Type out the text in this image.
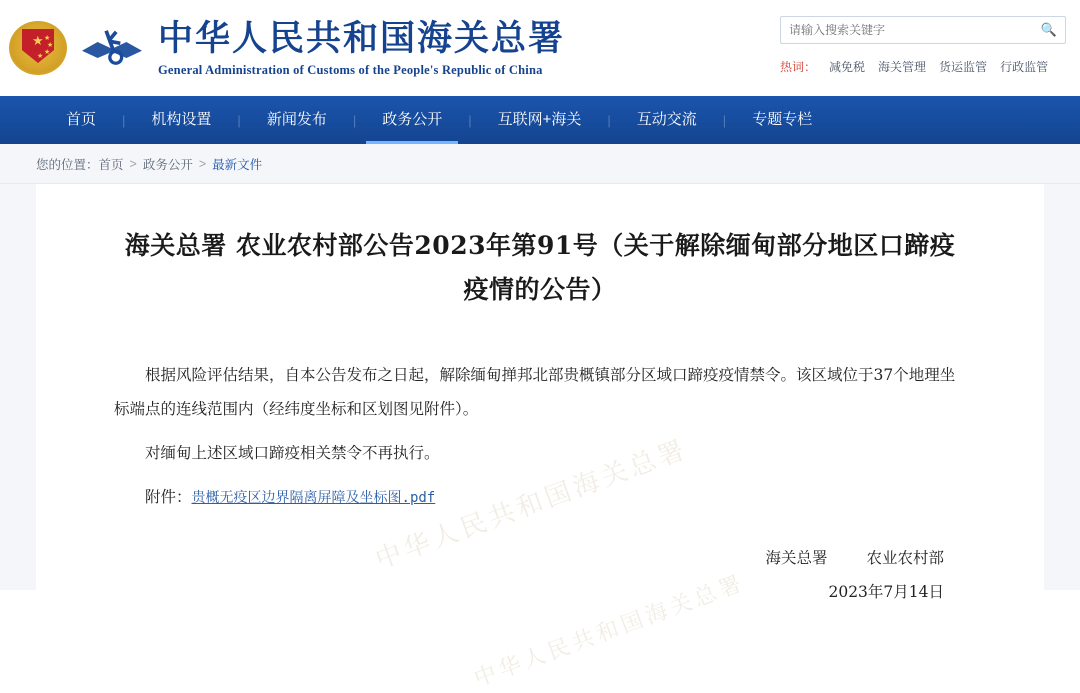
★ ★
★
★
★ ⚷ 中华人民共和国海关总署
General Administration of Customs of the People's Republic of China
请输入搜索关键字
🔍
热词： 减免税 海关管理 货运监管 行政监管
首页	|	机构设置	|	新闻发布	|	政务公开	|	互联网+海关	|	互动交流	|	专题专栏
您的位置： 首页 > 政务公开 > 最新文件
中华人民共和国海关总署
中华人民共和国海关总署
海关总署 农业农村部公告2023年第91号（关于解除缅甸部分地区口蹄疫疫情的公告）

根据风险评估结果，自本公告发布之日起，解除缅甸掸邦北部贵概镇部分区域口蹄疫疫情禁令。该区域位于37个地理坐标端点的连线范围内（经纬度坐标和区划图见附件）。

对缅甸上述区域口蹄疫相关禁令不再执行。

附件：贵概无疫区边界隔离屏障及坐标图.pdf
海关总署	农业农村部
2023年7月14日
